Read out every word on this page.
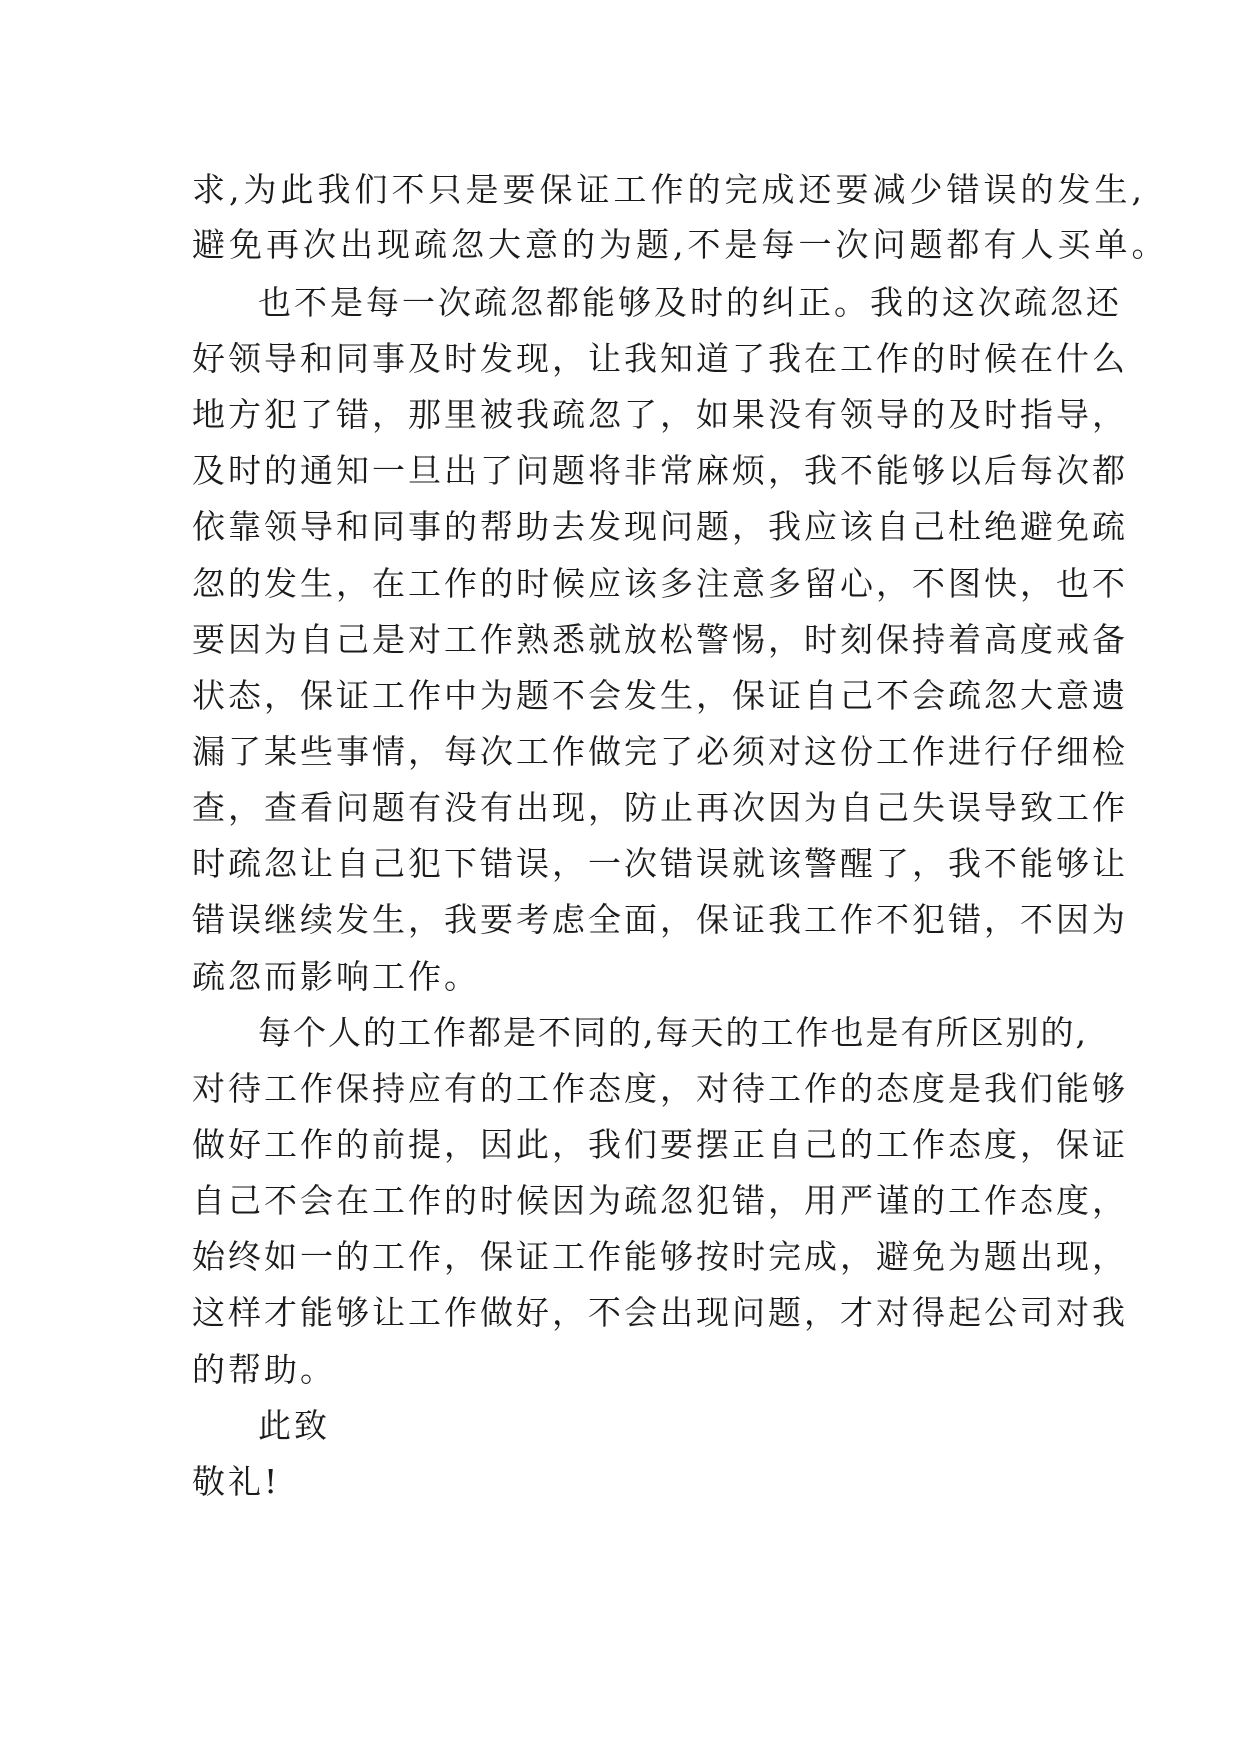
求,为此我们不只是要保证工作的完成还要减少错误的发生,
避免再次出现疏忽大意的为题,不是每一次问题都有人买单。
也不是每一次疏忽都能够及时的纠正。我的这次疏忽还
好领导和同事及时发现，让我知道了我在工作的时候在什么
地方犯了错，那里被我疏忽了，如果没有领导的及时指导，
及时的通知一旦出了问题将非常麻烦，我不能够以后每次都
依靠领导和同事的帮助去发现问题，我应该自己杜绝避免疏
忽的发生，在工作的时候应该多注意多留心，不图快，也不
要因为自己是对工作熟悉就放松警惕，时刻保持着高度戒备
状态，保证工作中为题不会发生，保证自己不会疏忽大意遗
漏了某些事情，每次工作做完了必须对这份工作进行仔细检
查，查看问题有没有出现，防止再次因为自己失误导致工作
时疏忽让自己犯下错误，一次错误就该警醒了，我不能够让
错误继续发生，我要考虑全面，保证我工作不犯错，不因为
疏忽而影响工作。
每个人的工作都是不同的,每天的工作也是有所区别的,
对待工作保持应有的工作态度，对待工作的态度是我们能够
做好工作的前提，因此，我们要摆正自己的工作态度，保证
自己不会在工作的时候因为疏忽犯错，用严谨的工作态度，
始终如一的工作，保证工作能够按时完成，避免为题出现，
这样才能够让工作做好，不会出现问题，才对得起公司对我
的帮助。
此致
敬礼!
